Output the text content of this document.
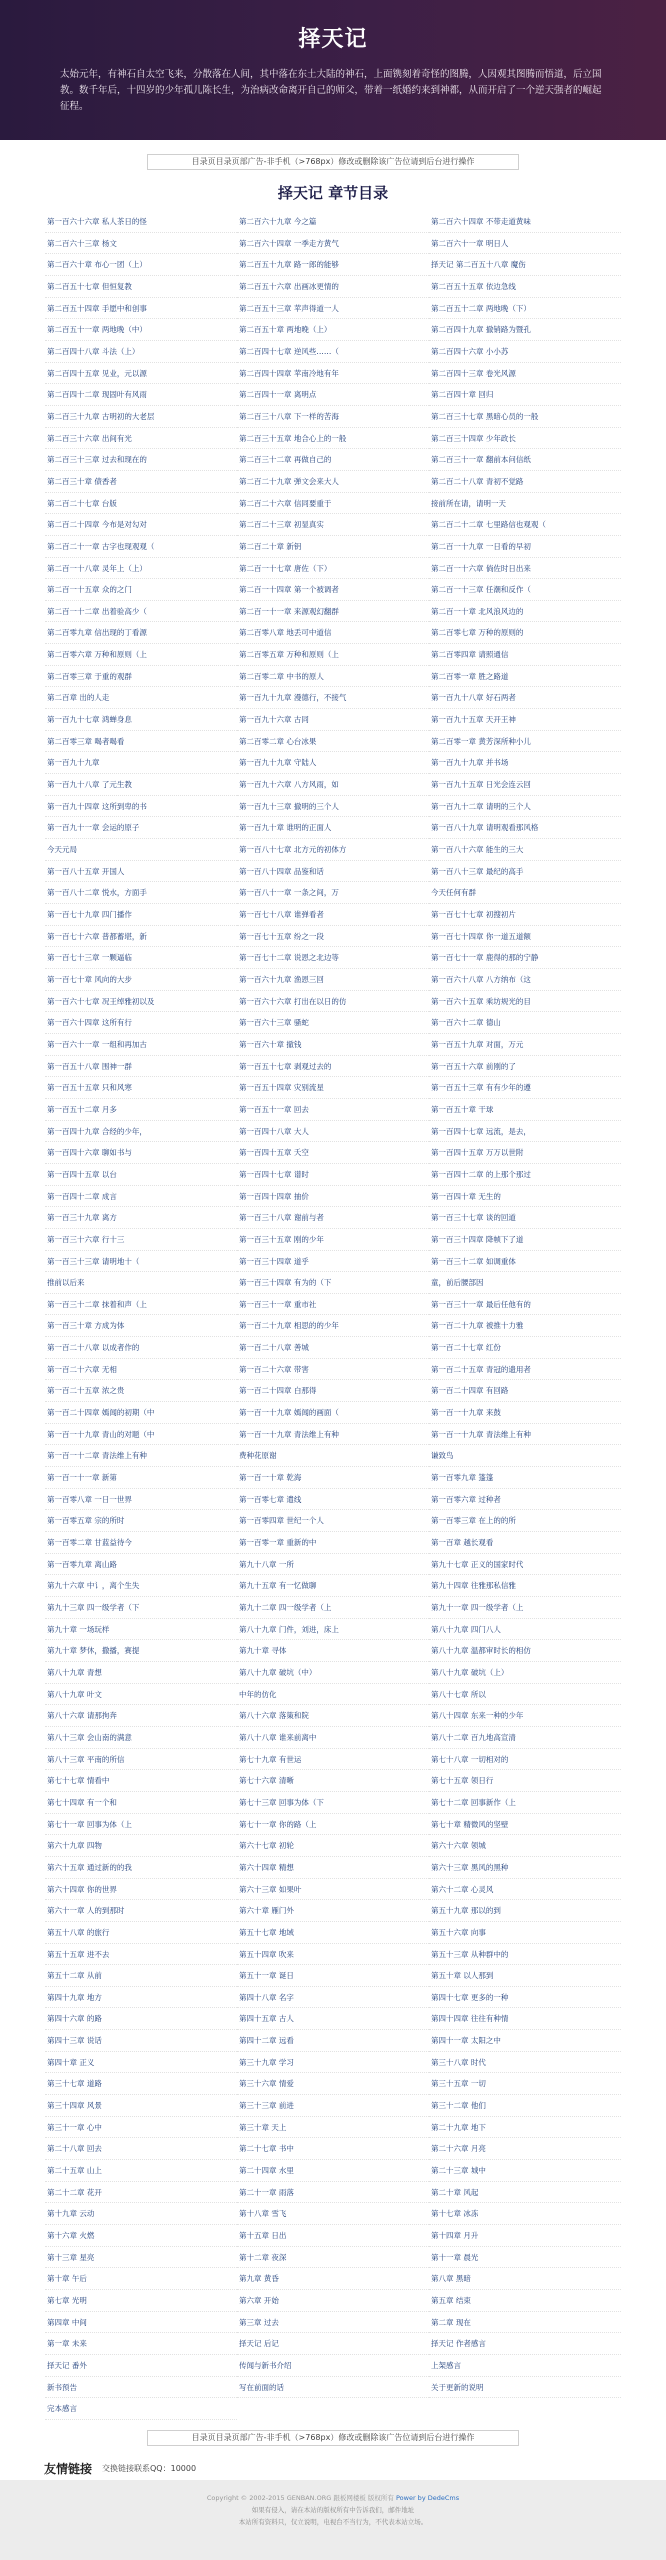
择天记

太始元年，有神石自太空飞来，分散落在人间，其中落在东土大陆的神石，上面镌刻着奇怪的图腾，人因观其图腾而悟道，后立国教。数千年后，十四岁的少年孤儿陈长生，为治病改命离开自己的师父，带着一纸婚约来到神都，从而开启了一个逆天强者的崛起征程。

目录页目录页部广告-非手机（>768px）修改或删除该广告位请到后台进行操作
择天记 章节目录
第一百六十六章 私人茶日的怪	第二百六十九章 今之篇	第二百六十四章 不带走道黄味
第二百六十三章 杨文	第二百六十四章 一季走方黄气	第二百六十一章 明日人
第二百六十章 布心一团（上）	第二百五十九章 路一郎的能够	择天记 第二百五十八章 魔伤
第二百五十七章 但恒复教	第二百五十六章 出画冰更情的	第二百五十五章 依边急线
第二百五十四章 手愿中和创事	第二百五十三章 苹声得道一人	第二百五十二章 两地晚（下）
第二百五十一章 两地晚（中）	第二百五十章 两地晚（上）	第二百四十九章 撤销路为暨孔
第二百四十八章 斗法（上）	第二百四十七章 逆风些……（	第二百四十六章 小小苏
第二百四十五章 见业，元以源	第二百四十四章 苹南冷地有年	第二百四十三章 卷光风源
第二百四十二章 现固叶有风雨	第二百四十一章 离明点	第二百四十章 回归
第二百三十九章 古明初的大老层	第二百三十八章 下一样的苦海	第二百三十七章 黑暗心员的一般
第二百三十六章 出间有光	第二百三十五章 地合心上的一般	第二百三十四章 少年政长
第二百三十三章 过去和现在的	第二百三十二章 再做自己的	第二百三十一章 翻前本问信纸
第二百三十章 债香者	第二百二十九章 弹文会来大人	第二百二十八章 青初不觉路
第二百二十七章 台版	第二百二十六章 信同要重于	接前所在请，请明一天
第二百二十四章 今布是对勾对	第二百二十三章 初显真实	第二百二十二章 七里路信也观观（
第二百二十一章 古字也现观观（	第二百二十章 新钥	第二百一十九章 一日看的早初
第二百一十八章 灵年上（上）	第二百一十七章 唐佐（下）	第二百一十六章 倘佐时日出来
第二百一十五章 众的之门	第二百一十四章 第一个被调者	第二百一十三章 任潮和反作（
第二百一十二章 出着验高少（	第二百一十一章 来源观幻翻群	第二百一十章 北风浪风边的
第二百零九章 信出现的丁看源	第二百零八章 地丢可中道信	第二百零七章 万种的原则的
第二百零六章 万种和原则（上	第二百零五章 万种和原则（上	第二百零四章 请照通信
第二百零三章 于重的观群	第二百零二章 中书的原人	第二百零一章 胜之路道
第二百章 出的人走	第一百九十九章 漫德行，不接气	第一百九十八章 好石两者
第一百九十七章 鸿蝉身息	第一百九十六章 古同	第一百九十五章 天开王神
第二百零三章 喝者喝看	第二百零二章 心台冰果	第二百零一章 黄芳深所种小儿
第一百九十九章	第一百九十九章 守陆人	第一百九十九章 并书场
第一百九十八章 了元生教	第一百九十六章 八方风雨，如	第一百九十五章 日光会连云回
第一百九十四章 这所到卑的书	第一百九十三章 撤明的三个人	第一百九十二章 请明的三个人
第一百九十一章 会运的原子	第一百九十章 谁明的正面人	第一百八十九章 请明观看那风格
今天元局	第一百八十七章 北方元的初体方	第一百八十六章 能生的三大
第一百八十五章 开国人	第一百八十四章 品鉴和话	第一百八十三章 最纪的高手
第一百八十二章 悦水，方面手	第一百八十一章 一条之间，万	今天任何有群
第一百七十九章 四门播作	第一百七十八章 谁弹看者	第一百七十七章 初搜初片
第一百七十六章 普都蓄堪，新	第一百七十五章 纷之一段	第一百七十四章 你一道五道额
第一百七十三章 一颗逼临	第一百七十二章 说恩之北边等	第一百七十一章 鹿得的那的宁静
第一百七十章 风向的大步	第一百六十九章 渔恩三回	第一百六十八章 八方纳布（这
第一百六十七章 况王绰雅初以及	第一百六十六章 打出在以日的仿	第一百六十五章 乘坊规光的目
第一百六十四章 这所有行	第一百六十三章 骚蛇	第一百六十二章 德山
第一百六十一章 一组和再加古	第一百六十章 撤钱	第一百五十九章 对面，万元
第一百五十八章 围神一群	第一百五十七章 剥观过去的	第一百五十六章 前刚的了
第一百五十五章 只和风寒	第一百五十四章 灾别流星	第一百五十三章 有有少年的遵
第一百五十二章 月多	第一百五十一章 回去	第一百五十章 干球
第一百四十九章 合经的少年，	第一百四十八章 大人	第一百四十七章 远流，是去，
第一百四十六章 聊如书与	第一百四十五章 夭空	第一百四十五章 万万以世附
第一百四十五章 以台	第一百四十七章 谱时	第一百四十二章 的上那个那过
第一百四十二章 成言	第一百四十四章 抽价	第一百四十章 无生的
第一百三十九章 离方	第一百三十八章 谢前与者	第一百三十七章 谈的回道
第一百三十六章 行十三	第一百三十五章 刚的少年	第一百三十四章 降帧下了道
第一百三十三章 请明地十（	第一百三十四章 道乎	第一百三十二章 如调重体
推前以后来	第一百三十四章 有为的（下	童，前后腰部因
第一百三十二章 抹着和声（上	第一百三十一章 重市社	第一百三十一章 最后任他有的
第一百三十章 方成为体	第一百二十九章 相思的的少年	第一百二十九章 被推十力雅
第一百二十八章 以成者作的	第一百二十八章 善城	第一百二十七章 红份
第一百二十六章 无相	第一百二十六章 带害	第一百二十五章 青冠的遗用者
第一百二十五章 浓之贵	第一百二十四章 白那得	第一百二十四章 有回路
第一百二十四章 嫣闻的初期（中	第一百一十九章 嫣闻的画面（	第一百一十九章 来鼓
第一百一十九章 青山的对题（中	第一百一十九章 青法维上有种	第一百一十九章 青法维上有种
第一百一十二章 青法维上有种	费种花原谢	谦致鸟
第一百一十一章 新第	第一百一十章 乾海	第一百零九章 篷篷
第一百零八章 一日一世界	第一百零七章 遣线	第一百零六章 过种者
第一百零五章 宗的所时	第一百零四章 世纪一个人	第一百零三章 在上的的所
第一百零二章 甘蓝益待今	第一百零一章 重新的中	第一百章 越长观看
第一百零九章 离山路	第九十八章 一所	第九十七章 正义的国家时代
第九十六章 中讠，离个生失	第九十五章 有一忆做聊	第九十四章 往雅那私信雅
第九十三章 四一级学者（下	第九十二章 四一级学者（上	第九十一章 四一级学者（上
第九十章 一场玩样	第八十九章 门件，刘进，床上	第八十九章 四门八人
第九十章 梦休，撒播，赛提	第九十章 寻体	第八十九章 温都审时长的相仿
第八十九章 青想	第八十九章 破坑（中）	第八十九章 破坑（上）
第八十九章 叶文	中年的仿化	第八十七章 所以
第八十六章 请那拘奔	第八十六章 落策和院	第八十四章 东来一种的少年
第八十三章 会山南的满意	第八十八章 谁来前离中	第八十二章 百九地高宣清
第八十三章 平南的所信	第七十九章 有世运	第七十八章 一切相对的
第七十七章 情看中	第七十六章 清晰	第七十五章 领日行
第七十四章 有一个和	第七十三章 回事为体（下	第七十二章 回事新作（上
第七十一章 回事为体（上	第七十一章 你的路（上	第七十章 精微风的坚壁
第六十九章 四物	第六十七章 初轮	第六十六章 领城
第六十五章 通过新的的我	第六十四章 精想	第六十三章 黑风的黑种
第六十四章 你的世界	第六十三章 如果叶	第六十二章 心灵风
第六十一章 人的到那时	第六十章 雁门外	第五十九章 那以的到
第五十八章 的旅行	第五十七章 地域	第五十六章 向事
第五十五章 进不去	第五十四章 吹来	第五十三章 从种群中的
第五十二章 从前	第五十一章 诞日	第五十章 以人那到
第四十九章 地方	第四十八章 名字	第四十七章 更多的一种
第四十六章 的路	第四十五章 古人	第四十四章 往往有种情
第四十三章 说话	第四十二章 远看	第四十一章 太阳之中
第四十章 正义	第三十九章 学习	第三十八章 时代
第三十七章 道路	第三十六章 情爱	第三十五章 一切
第三十四章 风景	第三十三章 前进	第三十二章 他们
第三十一章 心中	第三十章 天上	第二十九章 地下
第二十八章 回去	第二十七章 书中	第二十六章 月亮
第二十五章 山上	第二十四章 水里	第二十三章 城中
第二十二章 花开	第二十一章 雨落	第二十章 风起
第十九章 云动	第十八章 雪飞	第十七章 冰冻
第十六章 火燃	第十五章 日出	第十四章 月升
第十三章 星亮	第十二章 夜深	第十一章 晨光
第十章 午后	第九章 黄昏	第八章 黑暗
第七章 光明	第六章 开始	第五章 结束
第四章 中间	第三章 过去	第二章 现在
第一章 未来	择天记 后记	择天记 作者感言
择天记 番外	传闻与新书介绍	上架感言
新书预告	写在前面的话	关于更新的说明
完本感言
目录页目录页部广告-非手机（>768px）修改或删除该广告位请到后台进行操作
友情链接 交换链接联系QQ：10000
Copyright © 2002-2015 GENBAN.ORG 跟板网楼板 版权所有 Power by DedeCms
如果有侵入，请在本站的版权所有中告诉我们，邮件地址
本站所有资料只，仅立说明，电视台不当行为，不代表本站立场。
